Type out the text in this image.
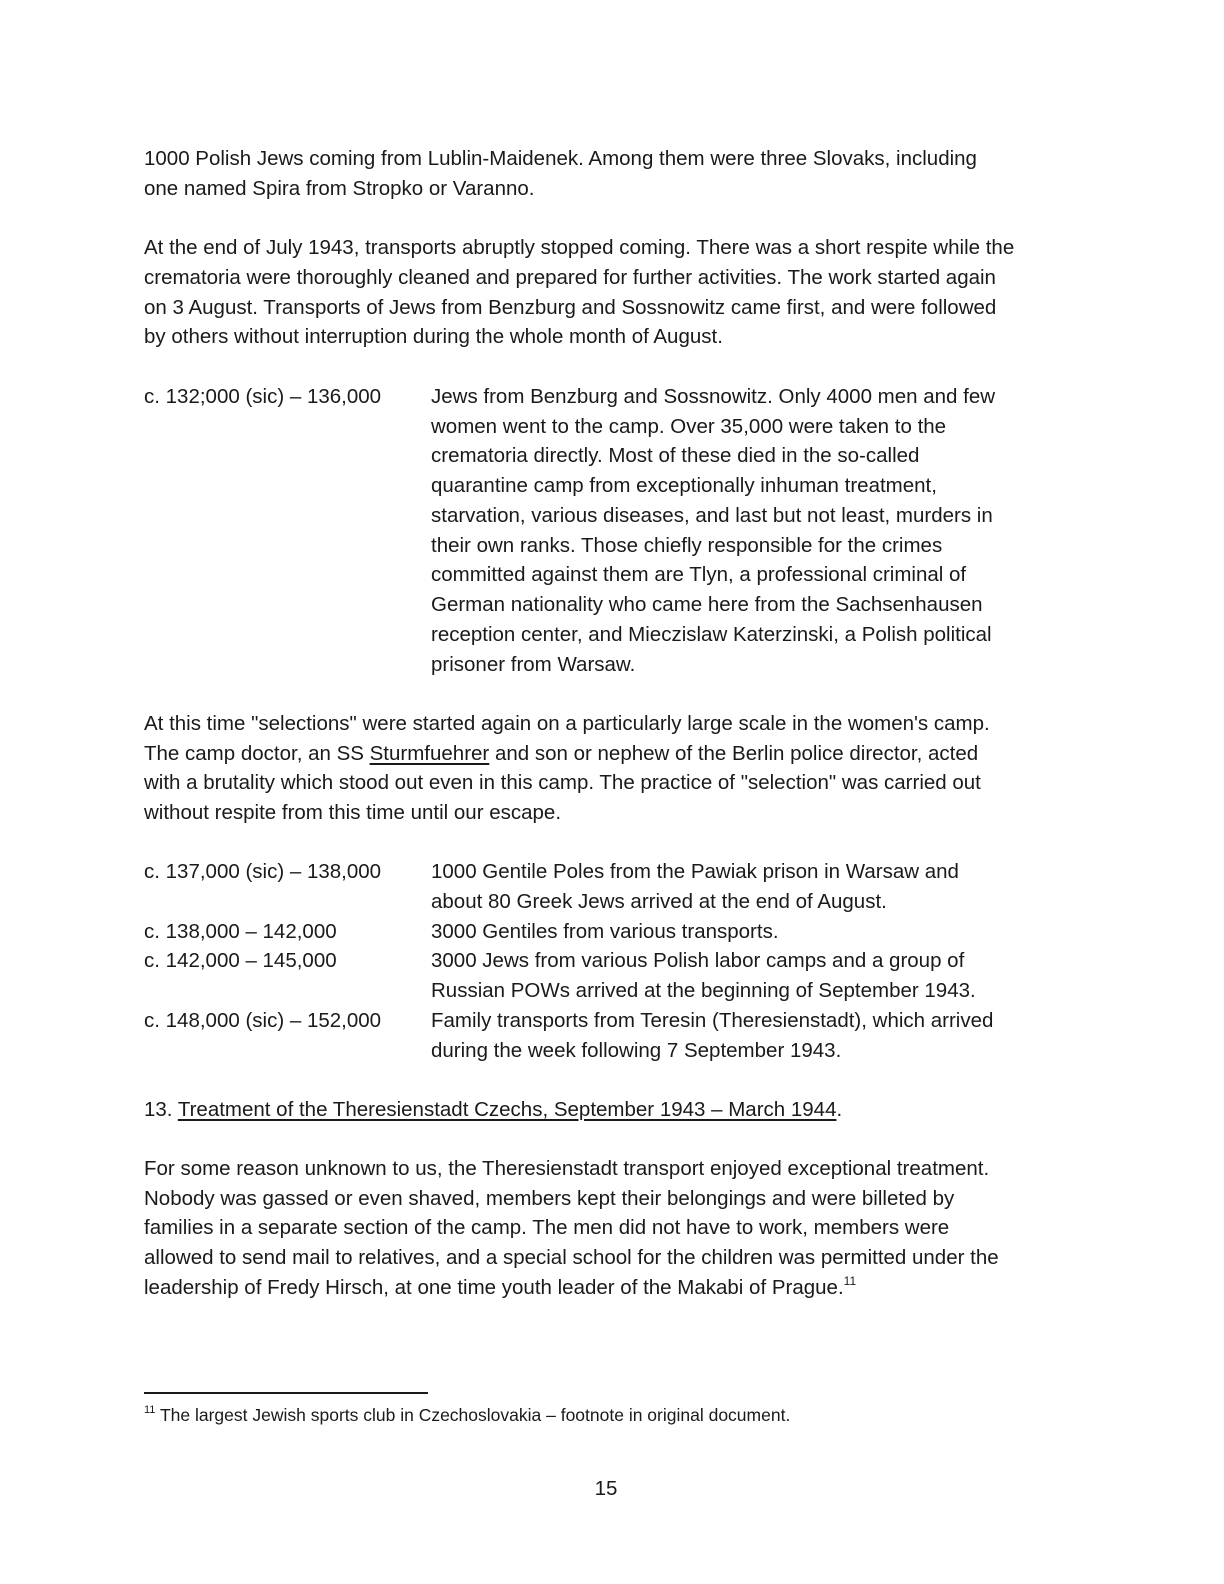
1000 Polish Jews coming from Lublin-Maidenek. Among them were three Slovaks, including
one named Spira from Stropko or Varanno.
At the end of July 1943, transports abruptly stopped coming. There was a short respite while the
crematoria were thoroughly cleaned and prepared for further activities. The work started again
on 3 August. Transports of Jews from Benzburg and Sossnowitz came first, and were followed
by others without interruption during the whole month of August.
c. 132;000 (sic) – 136,000 Jews from Benzburg and Sossnowitz. Only 4000 men and few
women went to the camp. Over 35,000 were taken to the
crematoria directly. Most of these died in the so-called
quarantine camp from exceptionally inhuman treatment,
starvation, various diseases, and last but not least, murders in
their own ranks. Those chiefly responsible for the crimes
committed against them are Tlyn, a professional criminal of
German nationality who came here from the Sachsenhausen
reception center, and Mieczislaw Katerzinski, a Polish political
prisoner from Warsaw.
At this time "selections" were started again on a particularly large scale in the women's camp.
The camp doctor, an SS Sturmfuehrer and son or nephew of the Berlin police director, acted
with a brutality which stood out even in this camp. The practice of "selection" was carried out
without respite from this time until our escape.
c. 137,000 (sic) – 138,000 1000 Gentile Poles from the Pawiak prison in Warsaw and
about 80 Greek Jews arrived at the end of August.
c. 138,000 – 142,000	3000 Gentiles from various transports.
c. 142,000 – 145,000	3000 Jews from various Polish labor camps and a group of
Russian POWs arrived at the beginning of September 1943.
c. 148,000 (sic) – 152,000 Family transports from Teresin (Theresienstadt), which arrived
during the week following 7 September 1943.
13. Treatment of the Theresienstadt Czechs, September 1943 – March 1944.
For some reason unknown to us, the Theresienstadt transport enjoyed exceptional treatment.
Nobody was gassed or even shaved, members kept their belongings and were billeted by
families in a separate section of the camp. The men did not have to work, members were
allowed to send mail to relatives, and a special school for the children was permitted under the
leadership of Fredy Hirsch, at one time youth leader of the Makabi of Prague.$^{11}$
$^{11}$ The largest Jewish sports club in Czechoslovakia – footnote in original document.
15
